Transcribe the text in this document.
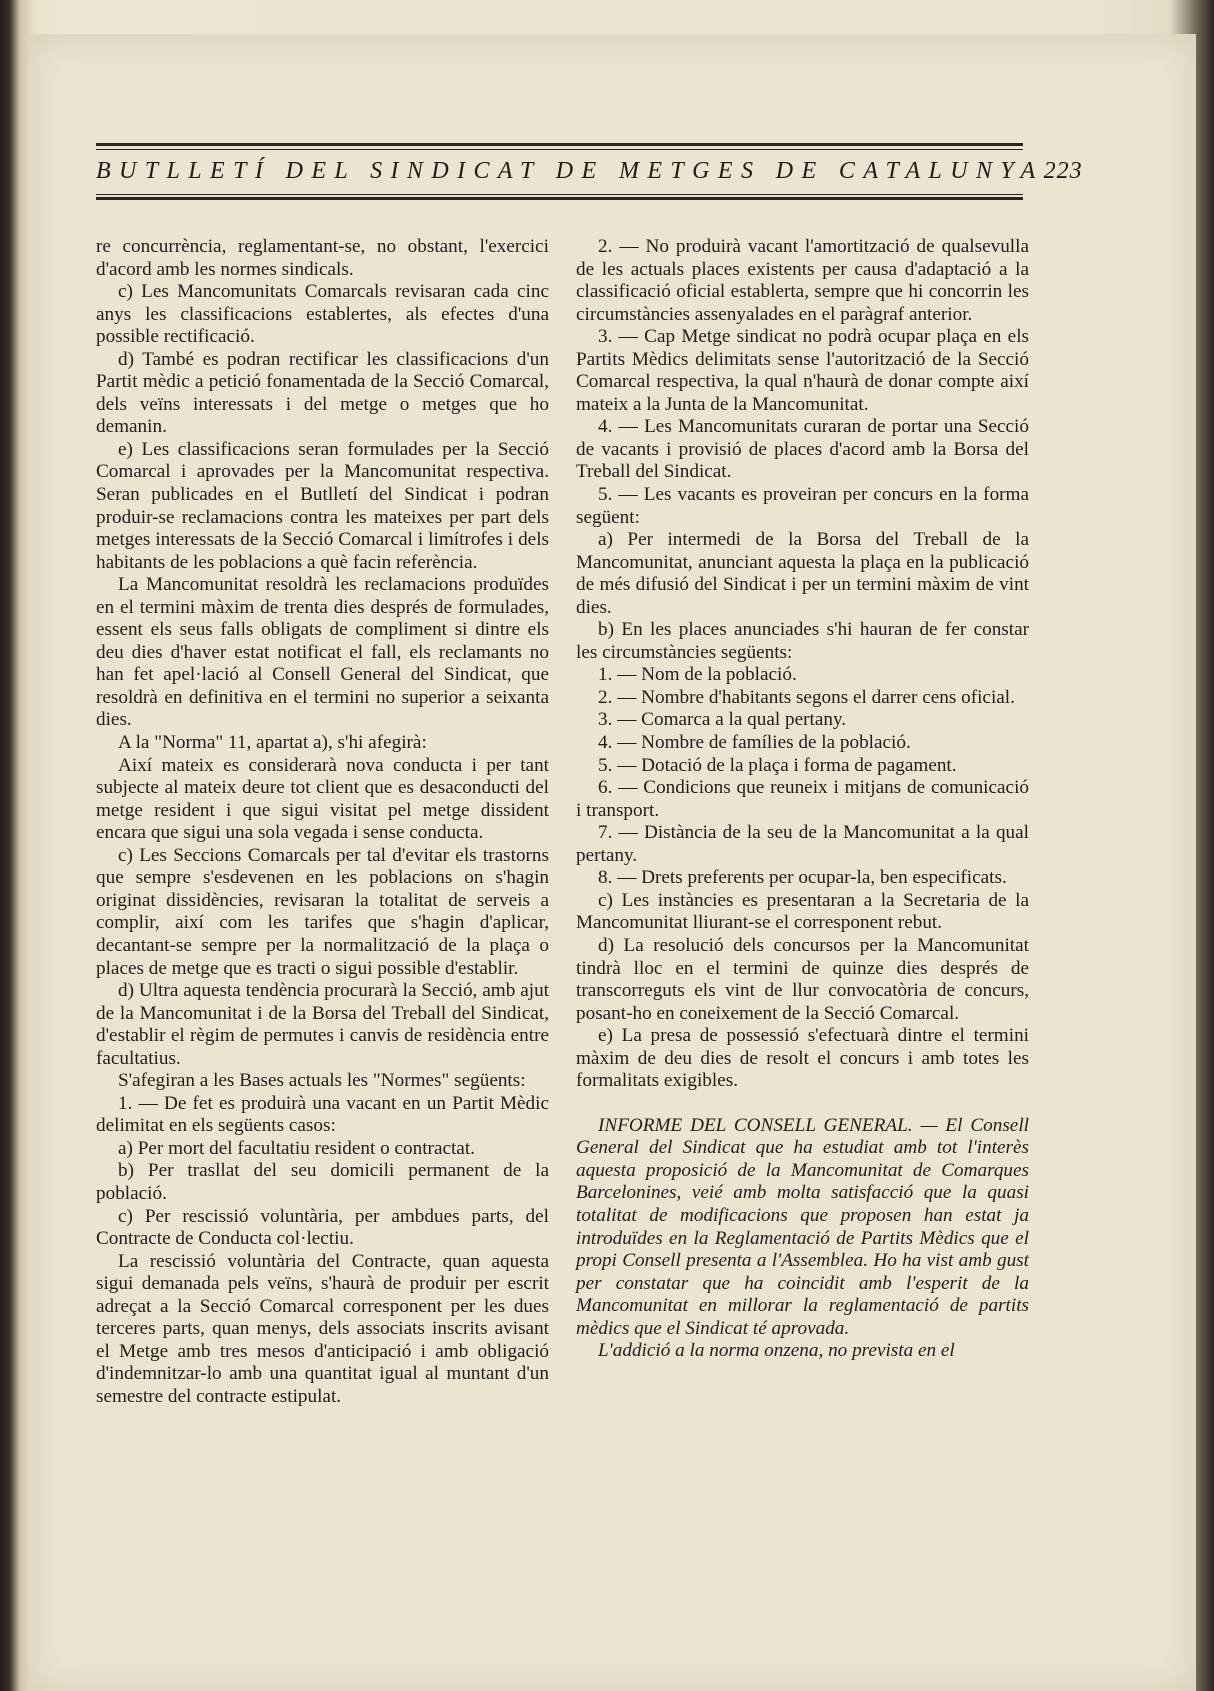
BUTLLETÍ DEL SINDICAT DE METGES DE CATALUNYA 223

re concurrència, reglamentant-se, no obstant, l'exercici d'acord amb les normes sindicals.

c) Les Mancomunitats Comarcals revisaran cada cinc anys les classificacions establertes, als efectes d'una possible rectificació.

d) També es podran rectificar les classificacions d'un Partit mèdic a petició fonamentada de la Secció Comarcal, dels veïns interessats i del metge o metges que ho demanin.

e) Les classificacions seran formulades per la Secció Comarcal i aprovades per la Mancomunitat respectiva. Seran publicades en el Butlletí del Sindicat i podran produir-se reclamacions contra les mateixes per part dels metges interessats de la Secció Comarcal i limítrofes i dels habitants de les poblacions a què facin referència.

La Mancomunitat resoldrà les reclamacions produïdes en el termini màxim de trenta dies després de formulades, essent els seus falls obligats de compliment si dintre els deu dies d'haver estat notificat el fall, els reclamants no han fet apel·lació al Consell General del Sindicat, que resoldrà en definitiva en el termini no superior a seixanta dies.

A la "Norma" 11, apartat a), s'hi afegirà:

Així mateix es considerarà nova conducta i per tant subjecte al mateix deure tot client que es desaconducti del metge resident i que sigui visitat pel metge dissident encara que sigui una sola vegada i sense conducta.

c) Les Seccions Comarcals per tal d'evitar els trastorns que sempre s'esdevenen en les poblacions on s'hagin originat dissidències, revisaran la totalitat de serveis a complir, així com les tarifes que s'hagin d'aplicar, decantant-se sempre per la normalització de la plaça o places de metge que es tracti o sigui possible d'establir.

d) Ultra aquesta tendència procurarà la Secció, amb ajut de la Mancomunitat i de la Borsa del Treball del Sindicat, d'establir el règim de permutes i canvis de residència entre facultatius.

S'afegiran a les Bases actuals les "Normes" següents:

1. — De fet es produirà una vacant en un Partit Mèdic delimitat en els següents casos:

a) Per mort del facultatiu resident o contractat.

b) Per trasllat del seu domicili permanent de la població.

c) Per rescissió voluntària, per ambdues parts, del Contracte de Conducta col·lectiu.

La rescissió voluntària del Contracte, quan aquesta sigui demanada pels veïns, s'haurà de produir per escrit adreçat a la Secció Comarcal corresponent per les dues terceres parts, quan menys, dels associats inscrits avisant el Metge amb tres mesos d'anticipació i amb obligació d'indemnitzar-lo amb una quantitat igual al muntant d'un semestre del contracte estipulat.

2. — No produirà vacant l'amortització de qualsevulla de les actuals places existents per causa d'adaptació a la classificació oficial establerta, sempre que hi concorrin les circumstàncies assenyalades en el paràgraf anterior.

3. — Cap Metge sindicat no podrà ocupar plaça en els Partits Mèdics delimitats sense l'autorització de la Secció Comarcal respectiva, la qual n'haurà de donar compte així mateix a la Junta de la Mancomunitat.

4. — Les Mancomunitats curaran de portar una Secció de vacants i provisió de places d'acord amb la Borsa del Treball del Sindicat.

5. — Les vacants es proveiran per concurs en la forma següent:

a) Per intermedi de la Borsa del Treball de la Mancomunitat, anunciant aquesta la plaça en la publicació de més difusió del Sindicat i per un termini màxim de vint dies.

b) En les places anunciades s'hi hauran de fer constar les circumstàncies següents:

1. — Nom de la població.

2. — Nombre d'habitants segons el darrer cens oficial.

3. — Comarca a la qual pertany.

4. — Nombre de famílies de la població.

5. — Dotació de la plaça i forma de pagament.

6. — Condicions que reuneix i mitjans de comunicació i transport.

7. — Distància de la seu de la Mancomunitat a la qual pertany.

8. — Drets preferents per ocupar-la, ben especificats.

c) Les instàncies es presentaran a la Secretaria de la Mancomunitat lliurant-se el corresponent rebut.

d) La resolució dels concursos per la Mancomunitat tindrà lloc en el termini de quinze dies després de transcorreguts els vint de llur convocatòria de concurs, posant-ho en coneixement de la Secció Comarcal.

e) La presa de possessió s'efectuarà dintre el termini màxim de deu dies de resolt el concurs i amb totes les formalitats exigibles.

INFORME DEL CONSELL GENERAL. — El Consell General del Sindicat que ha estudiat amb tot l'interès aquesta proposició de la Mancomunitat de Comarques Barcelonines, veié amb molta satisfacció que la quasi totalitat de modificacions que proposen han estat ja introduïdes en la Reglamentació de Partits Mèdics que el propi Consell presenta a l'Assemblea. Ho ha vist amb gust per constatar que ha coincidit amb l'esperit de la Mancomunitat en millorar la reglamentació de partits mèdics que el Sindicat té aprovada.

L'addició a la norma onzena, no prevista en el
